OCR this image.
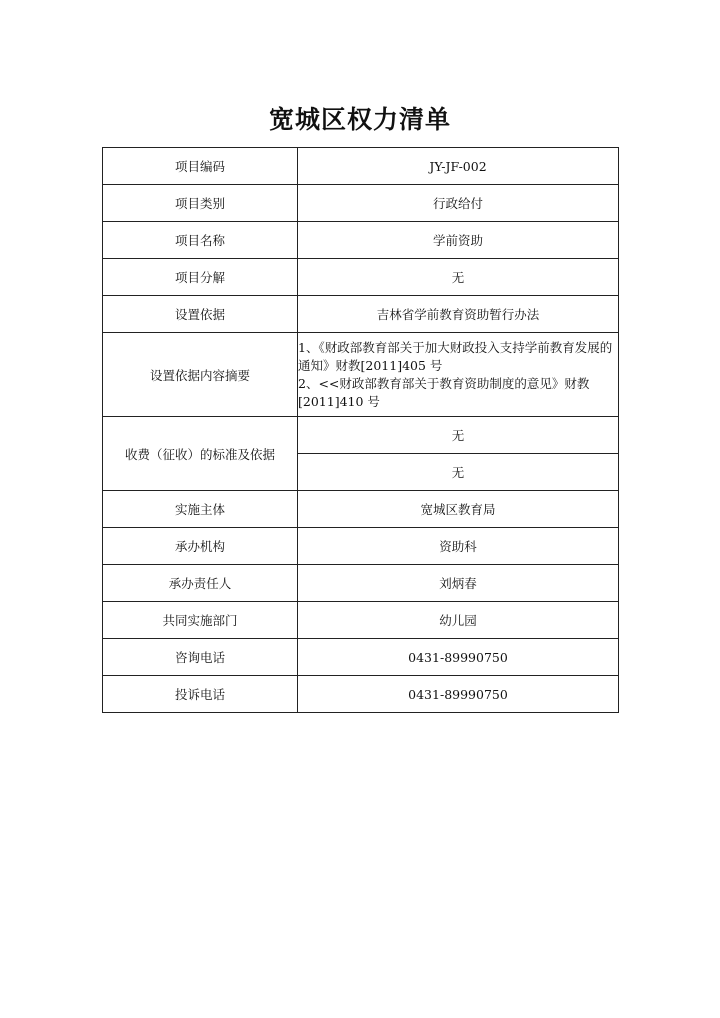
宽城区权力清单
项目编码	JY-JF-002
项目类别	行政给付
项目名称	学前资助
项目分解	无
设置依据	吉林省学前教育资助暂行办法
设置依据内容摘要	1、《财政部教育部关于加大财政投入支持学前教育发展的通知》财教[2011]405 号
2、<<财政部教育部关于教育资助制度的意见》财教[2011]410 号

收费（征收）的标准及依据	无
	无
实施主体	宽城区教育局
承办机构	资助科
承办责任人	刘炳春
共同实施部门	幼儿园
咨询电话	0431-89990750
投诉电话	0431-89990750
